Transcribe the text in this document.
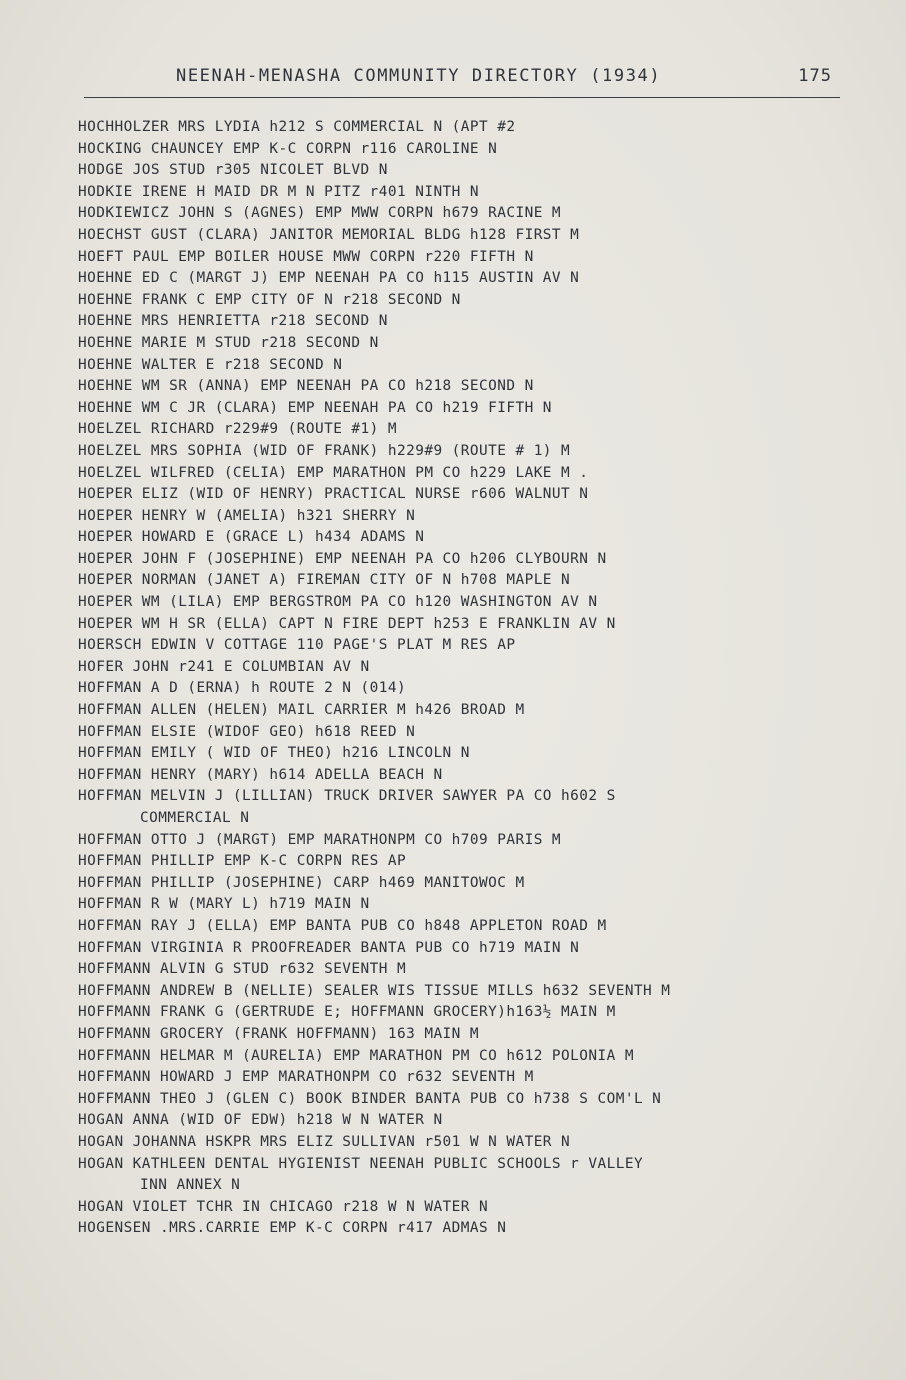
NEENAH-MENASHA COMMUNITY DIRECTORY (1934)	175
HOCHHOLZER MRS LYDIA h212 S COMMERCIAL N (APT #2
HOCKING CHAUNCEY EMP K-C CORPN r116 CAROLINE N
HODGE JOS STUD r305 NICOLET BLVD N
HODKIE IRENE H MAID DR M N PITZ r401 NINTH N
HODKIEWICZ JOHN S (AGNES) EMP MWW CORPN h679 RACINE M
HOECHST GUST (CLARA) JANITOR MEMORIAL BLDG h128 FIRST M
HOEFT PAUL EMP BOILER HOUSE MWW CORPN r220 FIFTH N
HOEHNE ED C (MARGT J) EMP NEENAH PA CO h115 AUSTIN AV N
HOEHNE FRANK C EMP CITY OF N r218 SECOND N
HOEHNE MRS HENRIETTA r218 SECOND N
HOEHNE MARIE M STUD r218 SECOND N
HOEHNE WALTER E r218 SECOND N
HOEHNE WM SR (ANNA) EMP NEENAH PA CO h218 SECOND N
HOEHNE WM C JR (CLARA) EMP NEENAH PA CO h219 FIFTH N
HOELZEL RICHARD r229#9 (ROUTE #1) M
HOELZEL MRS SOPHIA (WID OF FRANK) h229#9 (ROUTE # 1) M
HOELZEL WILFRED (CELIA) EMP MARATHON PM CO h229 LAKE M .
HOEPER ELIZ (WID OF HENRY) PRACTICAL NURSE r606 WALNUT N
HOEPER HENRY W (AMELIA) h321 SHERRY N
HOEPER HOWARD E (GRACE L) h434 ADAMS N
HOEPER JOHN F (JOSEPHINE) EMP NEENAH PA CO h206 CLYBOURN N
HOEPER NORMAN (JANET A) FIREMAN CITY OF N h708 MAPLE N
HOEPER WM (LILA) EMP BERGSTROM PA CO h120 WASHINGTON AV N
HOEPER WM H SR (ELLA) CAPT N FIRE DEPT h253 E FRANKLIN AV N
HOERSCH EDWIN V COTTAGE 110 PAGE'S PLAT M RES AP
HOFER JOHN r241 E COLUMBIAN AV N
HOFFMAN A D (ERNA) h ROUTE 2 N (014)
HOFFMAN ALLEN (HELEN) MAIL CARRIER M h426 BROAD M
HOFFMAN ELSIE (WIDOF GEO) h618 REED N
HOFFMAN EMILY ( WID OF THEO) h216 LINCOLN N
HOFFMAN HENRY (MARY) h614 ADELLA BEACH N
HOFFMAN MELVIN J (LILLIAN) TRUCK DRIVER SAWYER PA CO h602 S
COMMERCIAL N
HOFFMAN OTTO J (MARGT) EMP MARATHONPM CO h709 PARIS M
HOFFMAN PHILLIP EMP K-C CORPN RES AP
HOFFMAN PHILLIP (JOSEPHINE) CARP h469 MANITOWOC M
HOFFMAN R W (MARY L) h719 MAIN N
HOFFMAN RAY J (ELLA) EMP BANTA PUB CO h848 APPLETON ROAD M
HOFFMAN VIRGINIA R PROOFREADER BANTA PUB CO h719 MAIN N
HOFFMANN ALVIN G STUD r632 SEVENTH M
HOFFMANN ANDREW B (NELLIE) SEALER WIS TISSUE MILLS h632 SEVENTH M
HOFFMANN FRANK G (GERTRUDE E; HOFFMANN GROCERY)h163½ MAIN M
HOFFMANN GROCERY (FRANK HOFFMANN) 163 MAIN M
HOFFMANN HELMAR M (AURELIA) EMP MARATHON PM CO h612 POLONIA M
HOFFMANN HOWARD J EMP MARATHONPM CO r632 SEVENTH M
HOFFMANN THEO J (GLEN C) BOOK BINDER BANTA PUB CO h738 S COM'L N
HOGAN ANNA (WID OF EDW) h218 W N WATER N
HOGAN JOHANNA HSKPR MRS ELIZ SULLIVAN r501 W N WATER N
HOGAN KATHLEEN DENTAL HYGIENIST NEENAH PUBLIC SCHOOLS r VALLEY
INN ANNEX N
HOGAN VIOLET TCHR IN CHICAGO r218 W N WATER N
HOGENSEN .MRS.CARRIE EMP K-C CORPN r417 ADMAS N
